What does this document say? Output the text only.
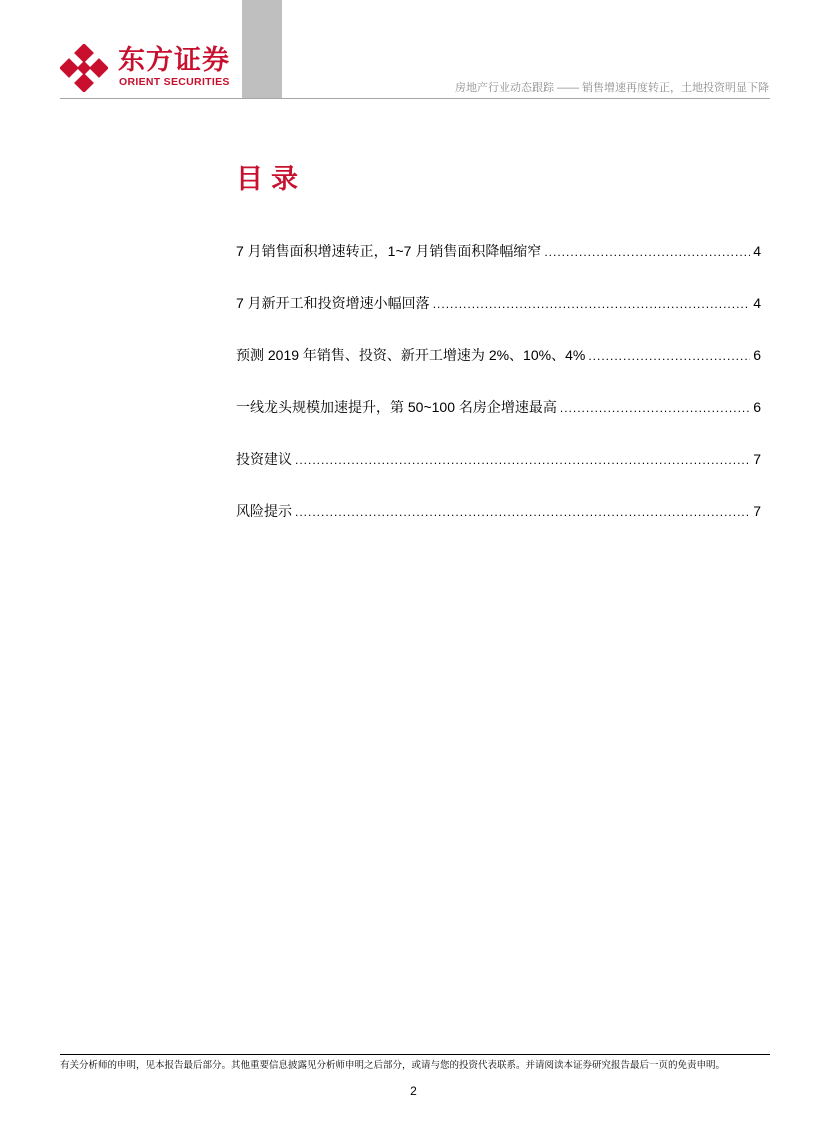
东方证券
ORIENT SECURITIES	房地产行业动态跟踪 —— 销售增速再度转正，土地投资明显下降
目录
7 月销售面积增速转正，1~7 月销售面积降幅缩窄 .....	4
7 月新开工和投资增速小幅回落 .....	4
预测 2019 年销售、投资、新开工增速为 2%、10%、4% .....	6
一线龙头规模加速提升，第 50~100 名房企增速最高 .....	6
投资建议 .....	7
风险提示 .....	7
有关分析师的申明，见本报告最后部分。其他重要信息披露见分析师申明之后部分，或请与您的投资代表联系。并请阅读本证券研究报告最后一页的免责申明。
2
